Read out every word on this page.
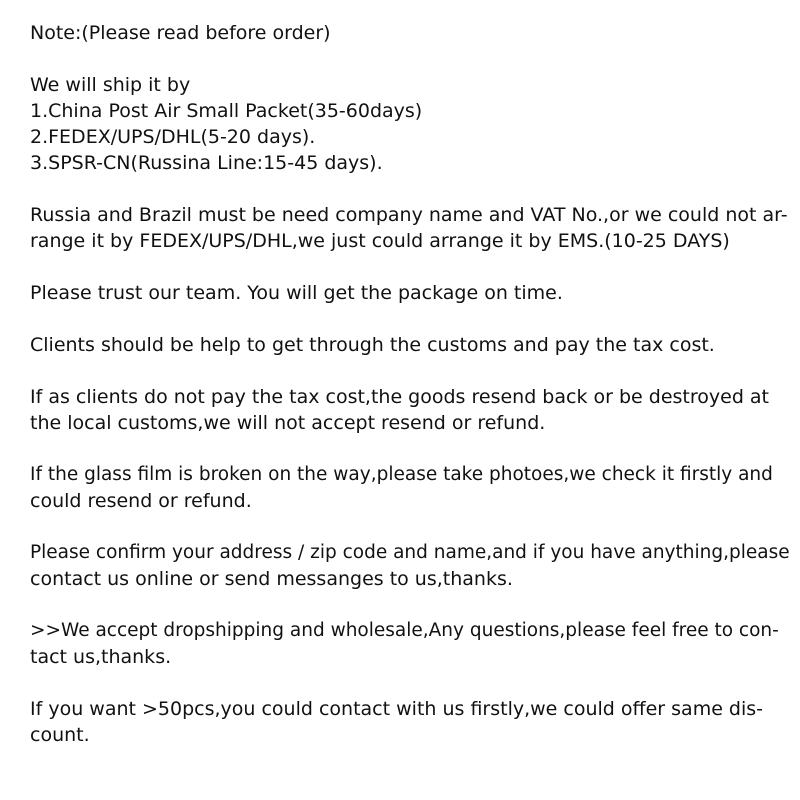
Note:(Please read before order)
We will ship it by
1.China Post Air Small Packet(35-60days)
2.FEDEX/UPS/DHL(5-20 days).
3.SPSR-CN(Russina Line:15-45 days).
Russia and Brazil must be need company name and VAT No.,or we could not ar-
range it by FEDEX/UPS/DHL,we just could arrange it by EMS.(10-25 DAYS)
Please trust our team. You will get the package on time.
Clients should be help to get through the customs and pay the tax cost.
If as clients do not pay the tax cost,the goods resend back or be destroyed at
the local customs,we will not accept resend or refund.
If the glass film is broken on the way,please take photoes,we check it firstly and
could resend or refund.
Please confirm your address / zip code and name,and if you have anything,please
contact us online or send messanges to us,thanks.
>>We accept dropshipping and wholesale,Any questions,please feel free to con-
tact us,thanks.
If you want >50pcs,you could contact with us firstly,we could offer same dis-
count.
